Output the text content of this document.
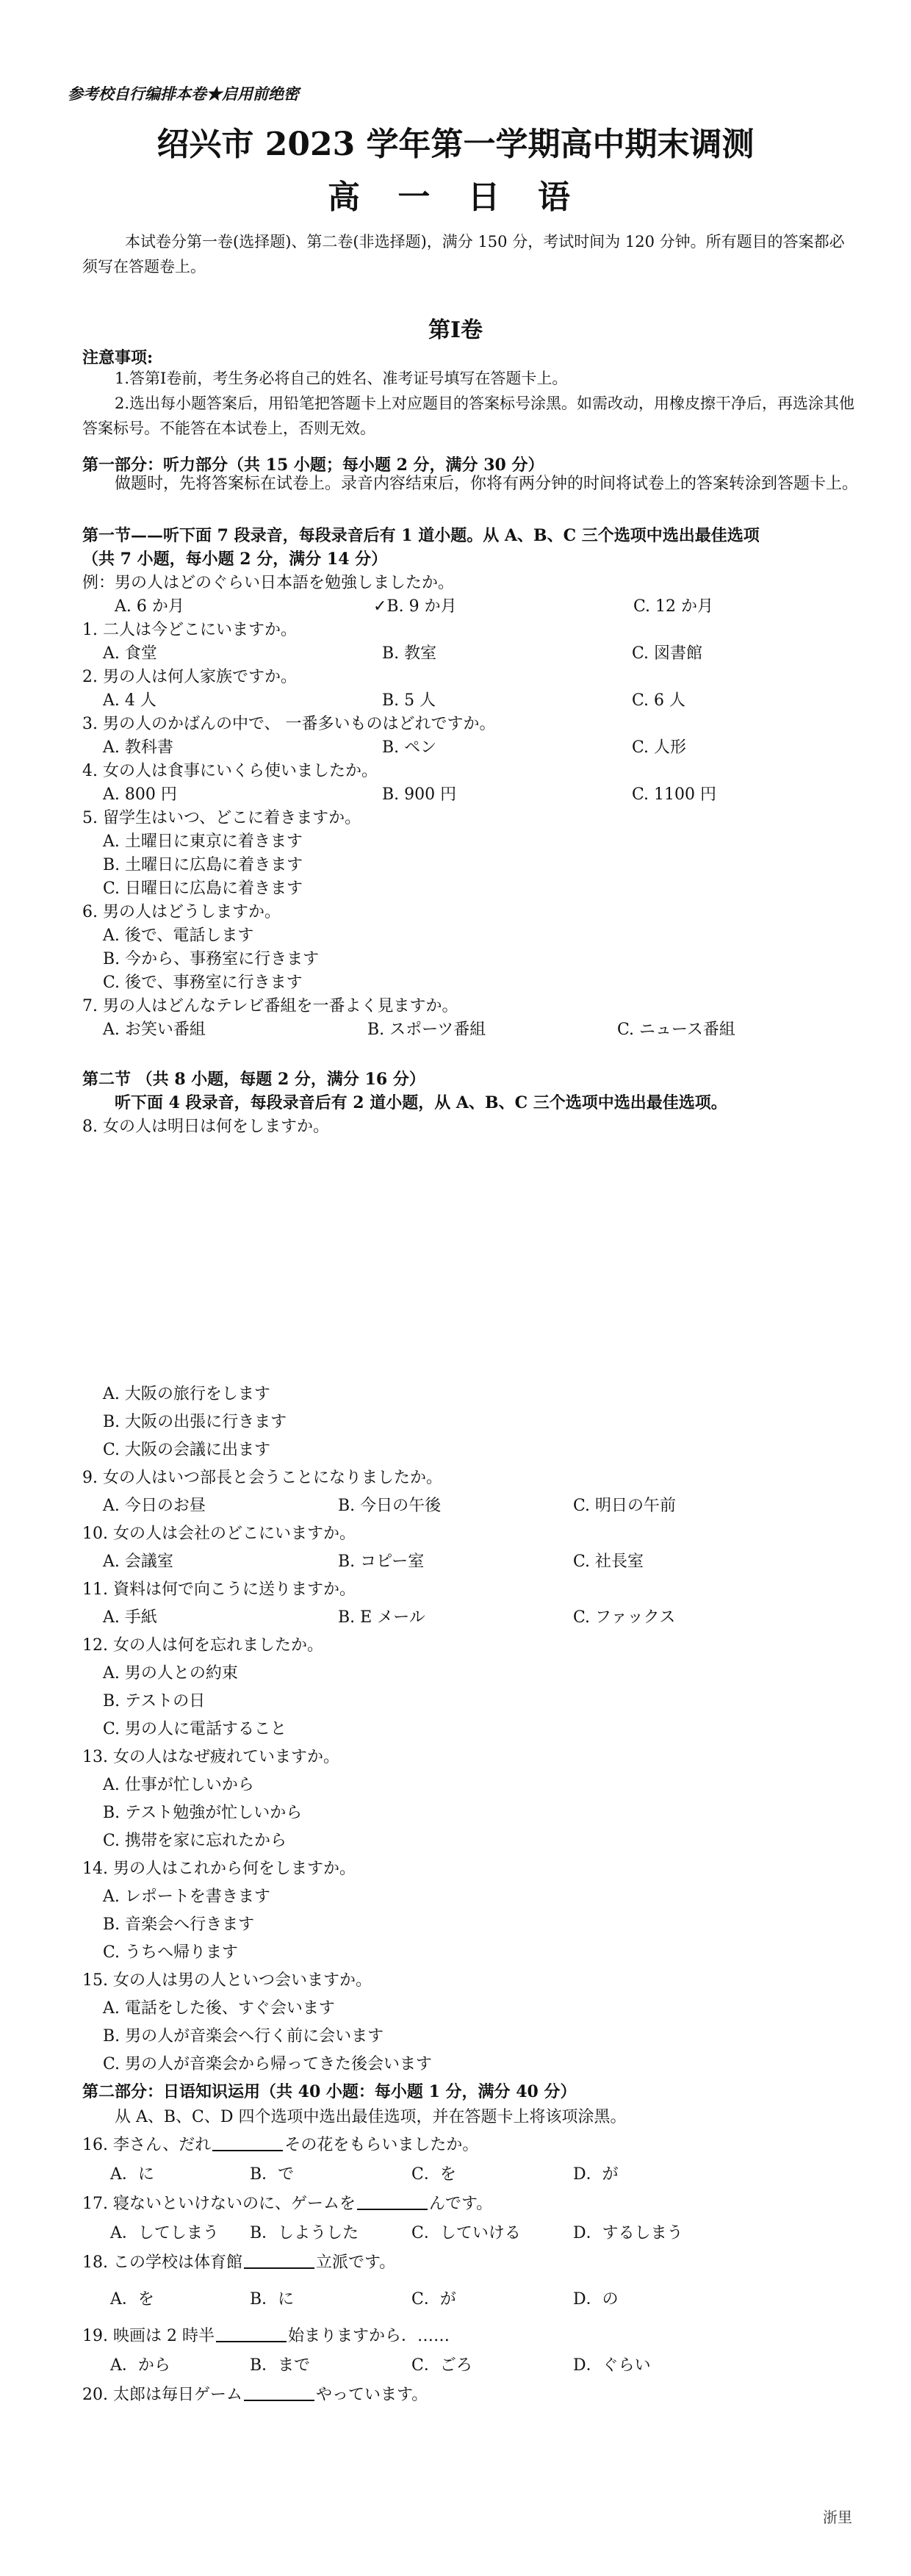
参考校自行编排本卷★启用前绝密
绍兴市 2023 学年第一学期高中期末调测
高 一 日 语
本试卷分第一卷(选择题)、第二卷(非选择题)，满分 150 分，考试时间为 120 分钟。所有题目的答案都必须写在答题卷上。
第Ⅰ卷
注意事项:
1.答第Ⅰ卷前，考生务必将自己的姓名、准考证号填写在答题卡上。
2.选出每小题答案后，用铅笔把答题卡上对应题目的答案标号涂黑。如需改动，用橡皮擦干净后，再选涂其他答案标号。不能答在本试卷上，否则无效。
第一部分：听力部分（共 15 小题；每小题 2 分，满分 30 分）
做题时，先将答案标在试卷上。录音内容结束后，你将有两分钟的时间将试卷上的答案转涂到答题卡上。
第一节——听下面 7 段录音，每段录音后有 1 道小题。从 A、B、C 三个选项中选出最佳选项
（共 7 小题，每小题 2 分，满分 14 分）
例：男の人はどのぐらい日本語を勉強しましたか。
A. 6 か月	✓B. 9 か月	C. 12 か月
1. 二人は今どこにいますか。
A. 食堂	B. 教室	C. 図書館
2. 男の人は何人家族ですか。
A. 4 人	B. 5 人	C. 6 人
3. 男の人のかばんの中で、 一番多いものはどれですか。
A. 教科書	B. ペン	C. 人形
4. 女の人は食事にいくら使いましたか。
A. 800 円	B. 900 円	C. 1100 円
5. 留学生はいつ、どこに着きますか。
A. 土曜日に東京に着きます
B. 土曜日に広島に着きます
C. 日曜日に広島に着きます
6. 男の人はどうしますか。
A. 後で、電話します
B. 今から、事務室に行きます
C. 後で、事務室に行きます
7. 男の人はどんなテレビ番組を一番よく見ますか。
A. お笑い番組	B. スポーツ番組	C. ニュース番組
第二节 （共 8 小题，每题 2 分，满分 16 分）
听下面 4 段录音，每段录音后有 2 道小题，从 A、B、C 三个选项中选出最佳选项。
8. 女の人は明日は何をしますか。
A. 大阪の旅行をします
B. 大阪の出張に行きます
C. 大阪の会議に出ます
9. 女の人はいつ部長と会うことになりましたか。
A. 今日のお昼	B. 今日の午後	C. 明日の午前
10. 女の人は会社のどこにいますか。
A. 会議室	B. コピー室	C. 社長室
11. 資料は何で向こうに送りますか。
A. 手紙	B. E メール	C. ファックス
12. 女の人は何を忘れましたか。
A. 男の人との約束
B. テストの日
C. 男の人に電話すること
13. 女の人はなぜ疲れていますか。
A. 仕事が忙しいから
B. テスト勉強が忙しいから
C. 携帯を家に忘れたから
14. 男の人はこれから何をしますか。
A. レポートを書きます
B. 音楽会へ行きます
C. うちへ帰ります
15. 女の人は男の人といつ会いますか。
A. 電話をした後、すぐ会います
B. 男の人が音楽会へ行く前に会います
C. 男の人が音楽会から帰ってきた後会います
第二部分：日语知识运用（共 40 小题：每小题 1 分，满分 40 分）
从 A、B、C、D 四个选项中选出最佳选项，并在答题卡上将该项涂黑。
16. 李さん、だれ	その花をもらいましたか。
A．に	B．で	C．を	D．が
17. 寝ないといけないのに、ゲームを	んです。
A．してしまう B．しようした	C．していける	D．するしまう
18. この学校は体育館	立派です。
A．を	B．に	C．が	D．の
19. 映画は 2 時半	始まりますから．……
A．から	B．まで	C．ごろ	D．ぐらい
20. 太郎は毎日ゲーム	やっています。
浙里
